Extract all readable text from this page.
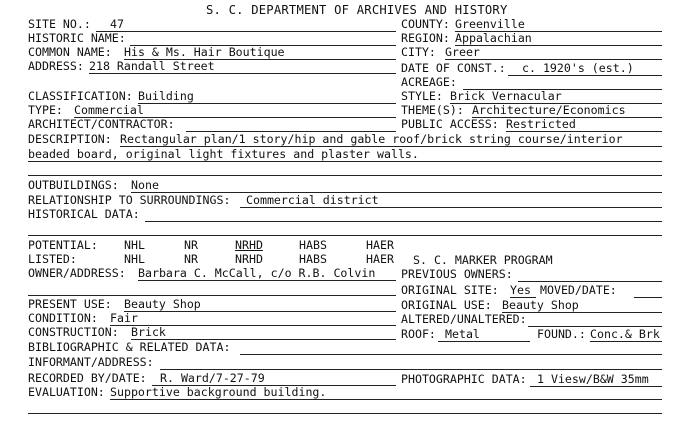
S. C. DEPARTMENT OF ARCHIVES AND HISTORY
SITE NO.: 47	COUNTY: Greenville
HISTORIC NAME:	REGION: Appalachian
COMMON NAME: His & Ms. Hair Boutique	CITY: Greer
ADDRESS: 218 Randall Street	DATE OF CONST.: c. 1920's (est.)
ACREAGE:
CLASSIFICATION: Building	STYLE: Brick Vernacular
TYPE: Commercial	THEME(S): Architecture/Economics
ARCHITECT/CONTRACTOR:	PUBLIC ACCESS: Restricted
DESCRIPTION: Rectangular plan/1 story/hip and gable roof/brick string course/interior
beaded board, original light fixtures and plaster walls.
OUTBUILDINGS: None
RELATIONSHIP TO SURROUNDINGS: Commercial district
HISTORICAL DATA:
POTENTIAL: NHL	NR	NRHD	HABS	HAER
LISTED:	NHL	NR	NRHD	HABS	HAER S. C. MARKER PROGRAM
OWNER/ADDRESS: Barbara C. McCall, c/o R.B. Colvin PREVIOUS OWNERS:
ORIGINAL SITE: Yes MOVED/DATE:
PRESENT USE: Beauty Shop	ORIGINAL USE: Beauty Shop
CONDITION: Fair	ALTERED/UNALTERED:
CONSTRUCTION: Brick	ROOF: Metal	FOUND.: Conc.& Brk
BIBLIOGRAPHIC & RELATED DATA:
INFORMANT/ADDRESS:
RECORDED BY/DATE: R. Ward/7-27-79	PHOTOGRAPHIC DATA: 1 Viesw/B&W 35mm
EVALUATION: Supportive background building.
